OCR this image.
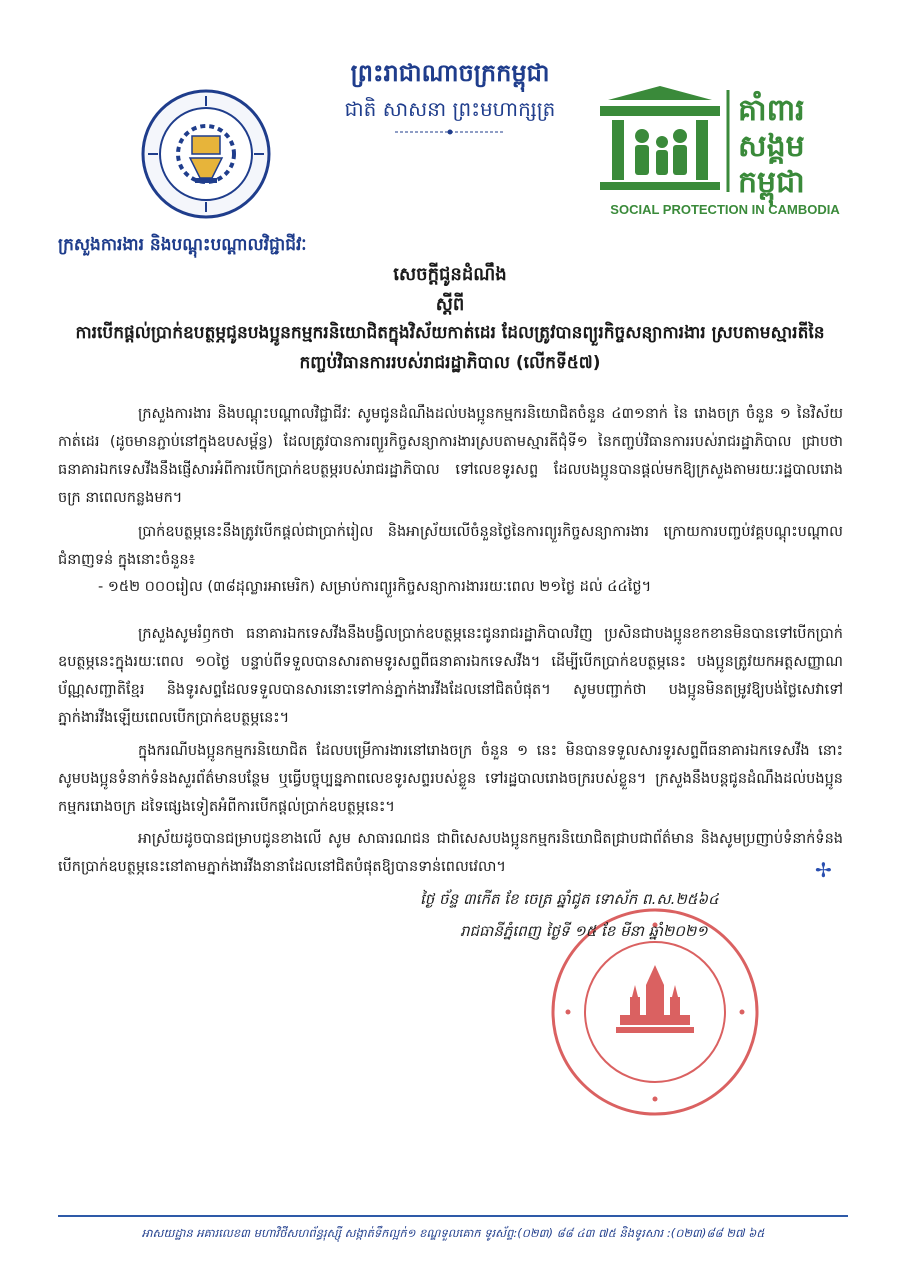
ព្រះរាជាណាចក្រកម្ពុជា
ជាតិ សាសនា ព្រះមហាក្សត្រ	គាំពារ
សង្គម
កម្ពុជា
SOCIAL PROTECTION IN CAMBODIA
ក្រសួងការងារ និងបណ្តុះបណ្តាលវិជ្ជាជីវៈ
សេចក្តីជូនដំណឹង
ស្តីពី
ការបើកផ្តល់ប្រាក់ឧបត្ថម្ភជូនបងប្អូនកម្មករនិយោជិតក្នុងវិស័យកាត់ដេរ ដែលត្រូវបានព្យួរកិច្ចសន្យាការងារ ស្របតាមស្មារតីនៃកញ្ចប់វិធានការរបស់រាជរដ្ឋាភិបាល (លើកទី៥៧)
ក្រសួងការងារ និងបណ្តុះបណ្តាលវិជ្ជាជីវៈ សូមជូនដំណឹងដល់បងប្អូនកម្មករនិយោជិតចំនួន ៤៣១នាក់ នៃ រោងចក្រ ចំនួន ១ នៃវិស័យកាត់ដេរ (ដូចមានភ្ជាប់នៅក្នុងឧបសម្ព័ន្ធ) ដែលត្រូវបានការព្យួរកិច្ចសន្យាការងារស្របតាមស្មារតីជុំទី១ នៃកញ្ចប់វិធានការរបស់រាជរដ្ឋាភិបាល ជ្រាបថា ធនាគារឯកទេសវីងនឹងផ្ញើសារអំពីការបើកប្រាក់ឧបត្ថម្ភរបស់រាជរដ្ឋាភិបាល ទៅលេខទូរសព្ទ ដែលបងប្អូនបានផ្តល់មកឱ្យក្រសួងតាមរយៈរដ្ឋបាលរោងចក្រ នាពេលកន្លងមក។
ប្រាក់ឧបត្ថម្ភនេះនឹងត្រូវបើកផ្តល់ជាប្រាក់រៀល និងអាស្រ័យលើចំនួនថ្ងៃនៃការព្យួរកិច្ចសន្យាការងារ ក្រោយការបញ្ចប់វគ្គបណ្តុះបណ្តាលជំនាញទន់ ក្នុងនោះចំនួន៖
- ១៥២ ០០០រៀល (៣៨ដុល្លារអាមេរិក) សម្រាប់ការព្យួរកិច្ចសន្យាការងាររយៈពេល ២១ថ្ងៃ ដល់ ៤៤ថ្ងៃ។
ក្រសួងសូមរំឭកថា ធនាគារឯកទេសវីងនឹងបង្វិលប្រាក់ឧបត្ថម្ភនេះជូនរាជរដ្ឋាភិបាលវិញ ប្រសិនជាបងប្អូនខកខានមិនបានទៅបើកប្រាក់ឧបត្ថម្ភនេះក្នុងរយៈពេល ១០ថ្ងៃ បន្ទាប់ពីទទួលបានសារតាមទូរសព្ទពីធនាគារឯកទេសវីង។ ដើម្បីបើកប្រាក់ឧបត្ថម្ភនេះ បងប្អូនត្រូវយកអត្តសញ្ញាណប័ណ្ណសញ្ជាតិខ្មែរ និងទូរសព្ទដែលទទួលបានសារនោះទៅកាន់ភ្នាក់ងារវីងដែលនៅជិតបំផុត។ សូមបញ្ជាក់ថា បងប្អូនមិនតម្រូវឱ្យបង់ថ្លៃសេវាទៅភ្នាក់ងារវីងឡើយពេលបើកប្រាក់ឧបត្ថម្ភនេះ។
ក្នុងករណីបងប្អូនកម្មករនិយោជិត ដែលបម្រើការងារនៅរោងចក្រ ចំនួន ១ នេះ មិនបានទទួលសារទូរសព្ទពីធនាគារឯកទេសវីង នោះសូមបងប្អូនទំនាក់ទំនងសួរព័ត៌មានបន្ថែម ឬធ្វើបច្ចុប្បន្នភាពលេខទូរសព្ទរបស់ខ្លួន ទៅរដ្ឋបាលរោងចក្ររបស់ខ្លួន។ ក្រសួងនឹងបន្តជូនដំណឹងដល់បងប្អូនកម្មកររោងចក្រ ដទៃផ្សេងទៀតអំពីការបើកផ្តល់ប្រាក់ឧបត្ថម្ភនេះ។
អាស្រ័យដូចបានជម្រាបជូនខាងលើ សូម សាធារណជន ជាពិសេសបងប្អូនកម្មករនិយោជិតជ្រាបជាព័ត៌មាន និងសូមប្រញាប់ទំនាក់ទំនងបើកប្រាក់ឧបត្ថម្ភនេះនៅតាមភ្នាក់ងារវីងនានាដែលនៅជិតបំផុតឱ្យបានទាន់ពេលវេលា។	✢
ថ្ងៃ ច័ន្ទ ៣កើត ខែ ចេត្រ ឆ្នាំជូត ទោស័ក ព.ស.២៥៦៤
រាជធានីភ្នំពេញ ថ្ងៃទី ១៥ ខែ មីនា ឆ្នាំ២០២១
អាសយដ្ឋាន អគារលេខ៣ មហាវិថីសហព័ន្ធរុស្ស៊ី សង្កាត់ទឹកល្អក់១ ខណ្ឌទួលគោក ទូរស័ព្ទ:(០២៣) ៨៨ ៤៣ ៧៥ និងទូរសារ :(០២៣)៨៨ ២៧ ៦៥
